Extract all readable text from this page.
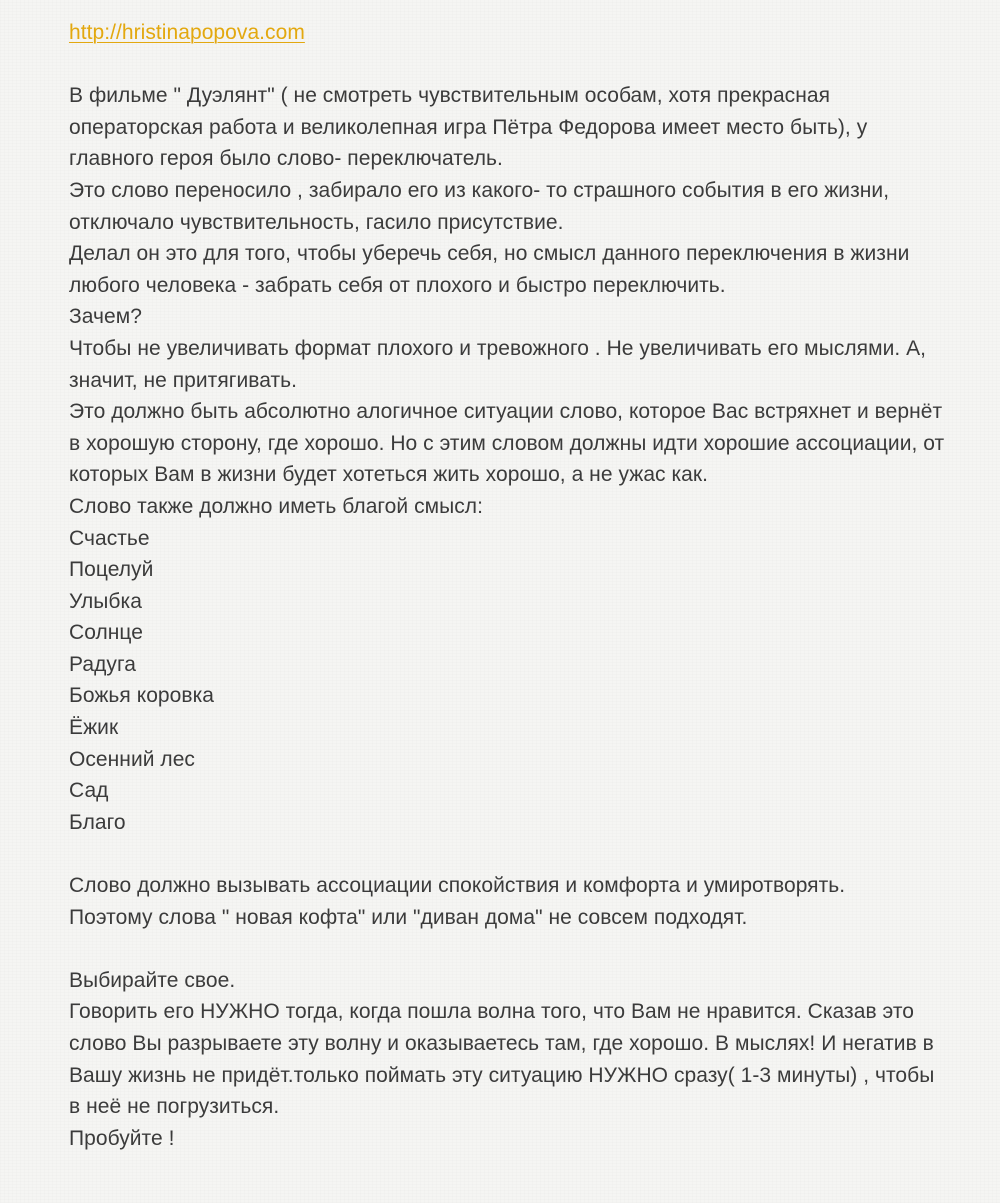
http://hristinapopova.com

В фильме " Дуэлянт" ( не смотреть чувствительным особам, хотя прекрасная операторская работа и великолепная игра Пётра Федорова имеет место быть), у главного героя было слово- переключатель.

Это слово переносило , забирало его из какого- то страшного события в его жизни, отключало чувствительность, гасило присутствие.

Делал он это для того, чтобы уберечь себя, но смысл данного переключения в жизни любого человека - забрать себя от плохого и быстро переключить.

Зачем?

Чтобы не увеличивать формат плохого и тревожного . Не увеличивать его мыслями. А, значит, не притягивать.

Это должно быть абсолютно алогичное ситуации слово, которое Вас встряхнет и вернёт в хорошую сторону, где хорошо. Но с этим словом должны идти хорошие ассоциации, от которых Вам в жизни будет хотеться жить хорошо, а не ужас как.

Слово также должно иметь благой смысл:

Счастье

Поцелуй

Улыбка

Солнце

Радуга

Божья коровка

Ёжик

Осенний лес

Сад

Благо

Слово должно вызывать ассоциации спокойствия и комфорта и умиротворять.

Поэтому слова " новая кофта" или "диван дома" не совсем подходят.

Выбирайте свое.

Говорить его НУЖНО тогда, когда пошла волна того, что Вам не нравится. Сказав это слово Вы разрываете эту волну и оказываетесь там, где хорошо. В мыслях! И негатив в Вашу жизнь не придёт.только поймать эту ситуацию НУЖНО сразу( 1-3 минуты) , чтобы в неё не погрузиться.

Пробуйте !
